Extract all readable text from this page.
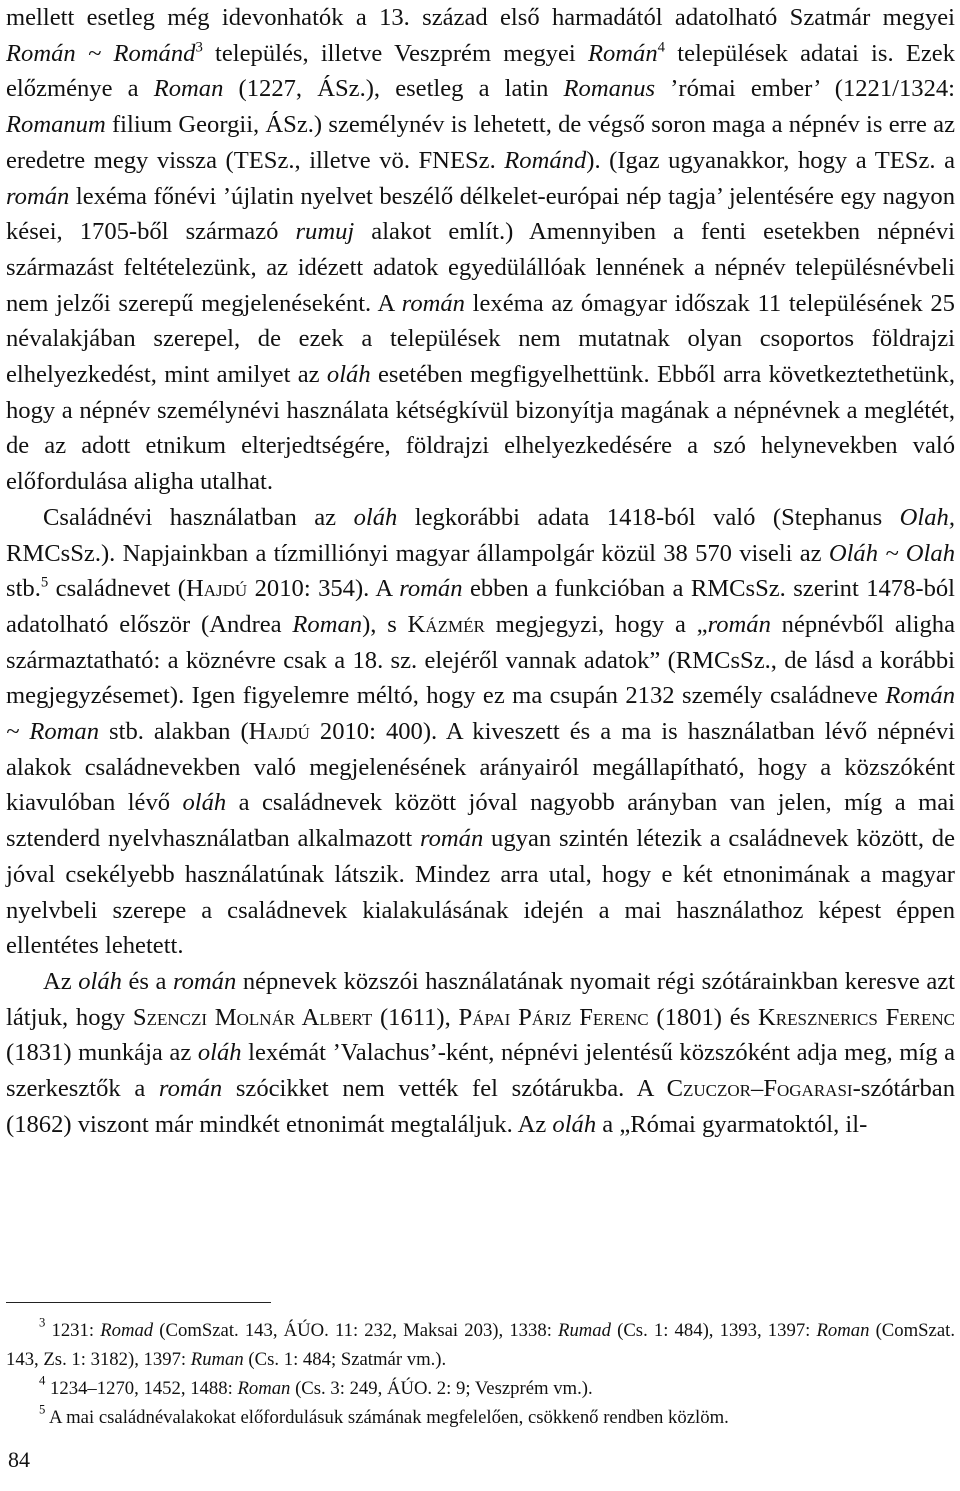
mellett esetleg még idevonhatók a 13. század első harmadától adatolható Szatmár megyei Román ~ Románd$^3$ település, illetve Veszprém megyei Román$^4$ települések adatai is. Ezek előzménye a Roman (1227, ÁSz.), esetleg a latin Romanus ’római ember’ (1221/1324: Romanum filium Georgii, ÁSz.) személynév is lehetett, de végső soron maga a népnév is erre az eredetre megy vissza (TESz., illetve vö. FNESz. Románd). (Igaz ugyanakkor, hogy a TESz. a román lexéma főnévi ’újlatin nyelvet beszélő délkelet-európai nép tagja’ jelentésére egy nagyon kései, 1705-ből származó rumuj alakot említ.) Amennyiben a fenti esetekben népnévi származást feltételezünk, az idézett adatok egyedülállóak lennének a népnév településnévbeli nem jelzői szerepű megjelenéseként. A román lexéma az ómagyar időszak 11 településének 25 névalakjában szerepel, de ezek a települések nem mutatnak olyan csoportos földrajzi elhelyezkedést, mint amilyet az oláh esetében megfigyelhettünk. Ebből arra következtethetünk, hogy a népnév személynévi használata kétségkívül bizonyítja magának a népnévnek a meglétét, de az adott etnikum elterjedtségére, földrajzi elhelyezkedésére a szó helynevekben való előfordulása aligha utalhat.

Családnévi használatban az oláh legkorábbi adata 1418-ból való (Stephanus Olah, RMCsSz.). Napjainkban a tízmilliónyi magyar állampolgár közül 38 570 viseli az Oláh ~ Olah stb.$^5$ családnevet (Hajdú 2010: 354). A román ebben a funkcióban a RMCsSz. szerint 1478-ból adatolható először (Andrea Roman), s Kázmér megjegyzi, hogy a „román népnévből aligha származtatható: a köznévre csak a 18. sz. elejéről vannak adatok” (RMCsSz., de lásd a korábbi megjegyzésemet). Igen figyelemre méltó, hogy ez ma csupán 2132 személy családneve Román ~ Roman stb. alakban (Hajdú 2010: 400). A kiveszett és a ma is használatban lévő népnévi alakok családnevekben való megjelenésének arányairól megállapítható, hogy a közszóként kiavulóban lévő oláh a családnevek között jóval nagyobb arányban van jelen, míg a mai sztenderd nyelvhasználatban alkalmazott román ugyan szintén létezik a családnevek között, de jóval csekélyebb használatúnak látszik. Mindez arra utal, hogy e két etnonimának a magyar nyelvbeli szerepe a családnevek kialakulásának idején a mai használathoz képest éppen ellentétes lehetett.

Az oláh és a román népnevek közszói használatának nyomait régi szótárainkban keresve azt látjuk, hogy Szenczi Molnár Albert (1611), Pápai Páriz Ferenc (1801) és Kresznerics Ferenc (1831) munkája az oláh lexémát ’Valachus’-ként, népnévi jelentésű közszóként adja meg, míg a szerkesztők a román szócikket nem vették fel szótárukba. A Czuczor–Fogarasi-szótárban (1862) viszont már mindkét etnonimát megtaláljuk. Az oláh a „Római gyarmatoktól, il-

$^3$ 1231: Romad (ComSzat. 143, ÁÚO. 11: 232, Maksai 203), 1338: Rumad (Cs. 1: 484), 1393, 1397: Roman (ComSzat. 143, Zs. 1: 3182), 1397: Ruman (Cs. 1: 484; Szatmár vm.).

$^4$ 1234–1270, 1452, 1488: Roman (Cs. 3: 249, ÁÚO. 2: 9; Veszprém vm.).

$^5$ A mai családnévalakokat előfordulásuk számának megfelelően, csökkenő rendben közlöm.

84
